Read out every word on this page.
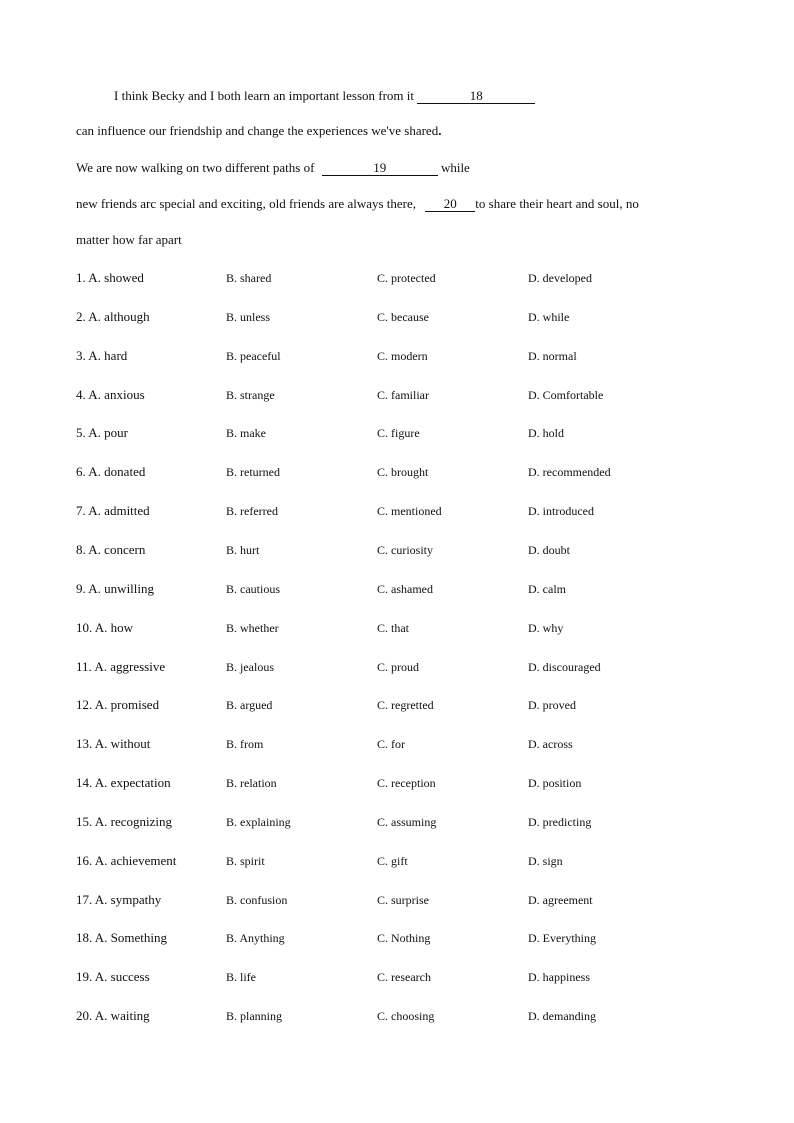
I think Becky and I both learn an important lesson from it	18
can influence our friendship and change the experiences we've shared.
We are now walking on two different paths of	19	while
new friends arc special and exciting, old friends are always there, 20 to share their heart and soul, no
matter how far apart
1. A. showed	B. shared	C. protected	D. developed
2. A. although	B. unless	C. because	D. while
3. A. hard	B. peaceful	C. modern	D. normal
4. A. anxious	B. strange	C. familiar	D. Comfortable
5. A. pour	B. make	C. figure	D. hold
6. A. donated	B. returned	C. brought	D. recommended
7. A. admitted	B. referred	C. mentioned	D. introduced
8. A. concern	B. hurt	C. curiosity	D. doubt
9. A. unwilling	B. cautious	C. ashamed	D. calm
10. A. how	B. whether	C. that	D. why
11. A. aggressive	B. jealous	C. proud	D. discouraged
12. A. promised	B. argued	C. regretted	D. proved
13. A. without	B. from	C. for	D. across
14. A. expectation	B. relation	C. reception	D. position
15. A. recognizing	B. explaining	C. assuming	D. predicting
16. A. achievement	B. spirit	C. gift	D. sign
17. A. sympathy	B. confusion	C. surprise	D. agreement
18. A. Something	B. Anything	C. Nothing	D. Everything
19. A. success	B. life	C. research	D. happiness
20. A. waiting	B. planning	C. choosing	D. demanding
